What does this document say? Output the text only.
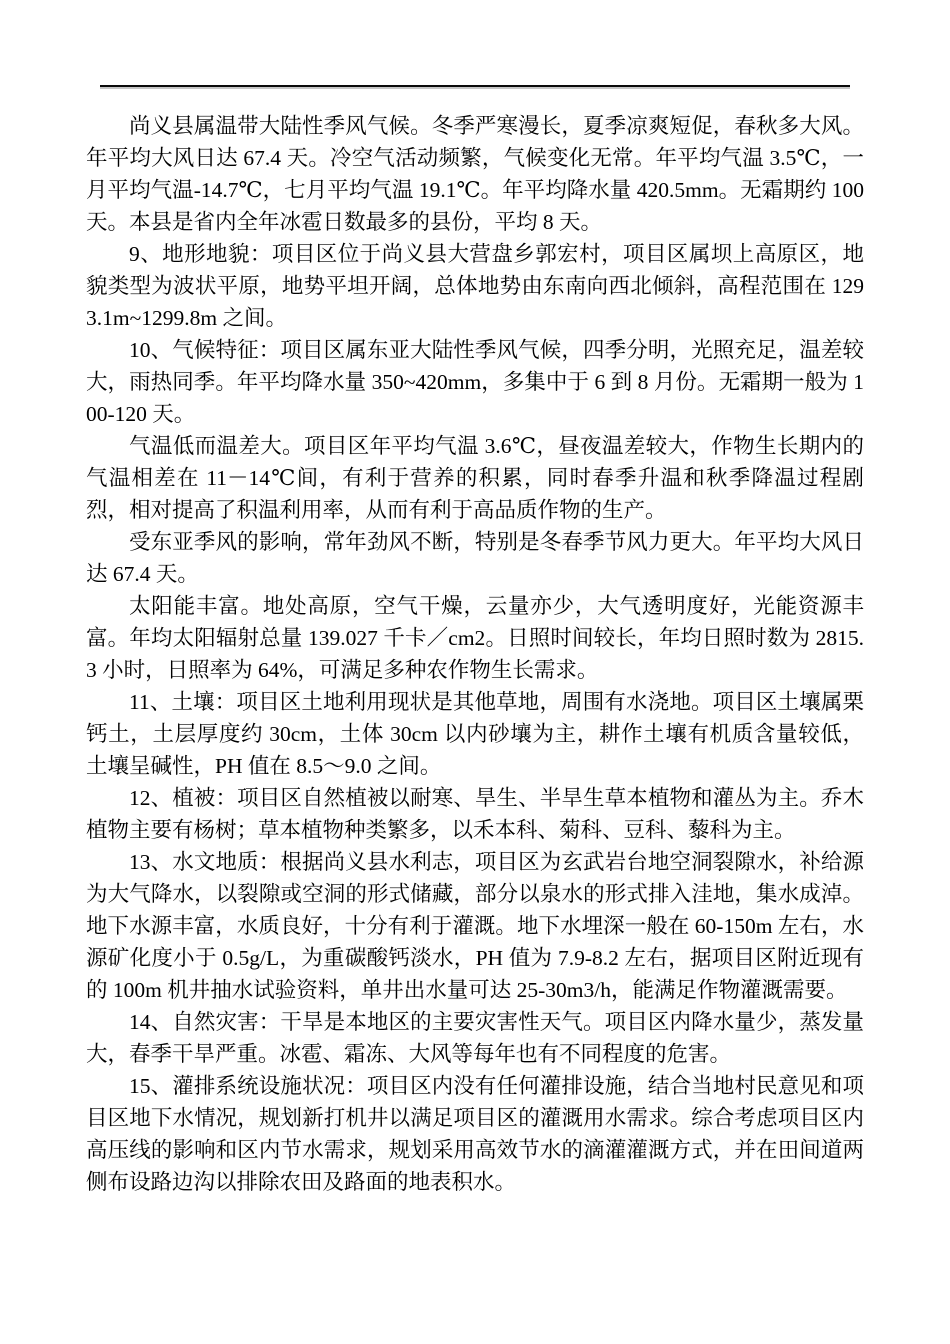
尚义县属温带大陆性季风气候。冬季严寒漫长，夏季凉爽短促，春秋多大风。年平均大风日达 67.4 天。冷空气活动频繁，气候变化无常。年平均气温 3.5℃，一月平均气温-14.7℃，七月平均气温 19.1℃。年平均降水量 420.5mm。无霜期约 100 天。本县是省内全年冰雹日数最多的县份，平均 8 天。

9、地形地貌：项目区位于尚义县大营盘乡郭宏村，项目区属坝上高原区，地貌类型为波状平原，地势平坦开阔，总体地势由东南向西北倾斜，高程范围在 1293.1m~1299.8m 之间。

10、气候特征：项目区属东亚大陆性季风气候，四季分明，光照充足，温差较大，雨热同季。年平均降水量 350~420mm，多集中于 6 到 8 月份。无霜期一般为 100-120 天。

气温低而温差大。项目区年平均气温 3.6℃，昼夜温差较大，作物生长期内的气温相差在 11－14℃间，有利于营养的积累，同时春季升温和秋季降温过程剧烈，相对提高了积温利用率，从而有利于高品质作物的生产。

受东亚季风的影响，常年劲风不断，特别是冬春季节风力更大。年平均大风日达 67.4 天。

太阳能丰富。地处高原，空气干燥，云量亦少，大气透明度好，光能资源丰富。年均太阳辐射总量 139.027 千卡／cm2。日照时间较长，年均日照时数为 2815.3 小时，日照率为 64%，可满足多种农作物生长需求。

11、土壤：项目区土地利用现状是其他草地，周围有水浇地。项目区土壤属栗钙土，土层厚度约 30cm，土体 30cm 以内砂壤为主，耕作土壤有机质含量较低，土壤呈碱性，PH 值在 8.5～9.0 之间。

12、植被：项目区自然植被以耐寒、旱生、半旱生草本植物和灌丛为主。乔木植物主要有杨树；草本植物种类繁多，以禾本科、菊科、豆科、藜科为主。

13、水文地质：根据尚义县水利志，项目区为玄武岩台地空洞裂隙水，补给源为大气降水，以裂隙或空洞的形式储藏，部分以泉水的形式排入洼地，集水成淖。地下水源丰富，水质良好，十分有利于灌溉。地下水埋深一般在 60-150m 左右，水源矿化度小于 0.5g/L，为重碳酸钙淡水，PH 值为 7.9-8.2 左右，据项目区附近现有的 100m 机井抽水试验资料，单井出水量可达 25-30m3/h，能满足作物灌溉需要。

14、自然灾害：干旱是本地区的主要灾害性天气。项目区内降水量少，蒸发量大，春季干旱严重。冰雹、霜冻、大风等每年也有不同程度的危害。

15、灌排系统设施状况：项目区内没有任何灌排设施，结合当地村民意见和项目区地下水情况，规划新打机井以满足项目区的灌溉用水需求。综合考虑项目区内高压线的影响和区内节水需求，规划采用高效节水的滴灌灌溉方式，并在田间道两侧布设路边沟以排除农田及路面的地表积水。
